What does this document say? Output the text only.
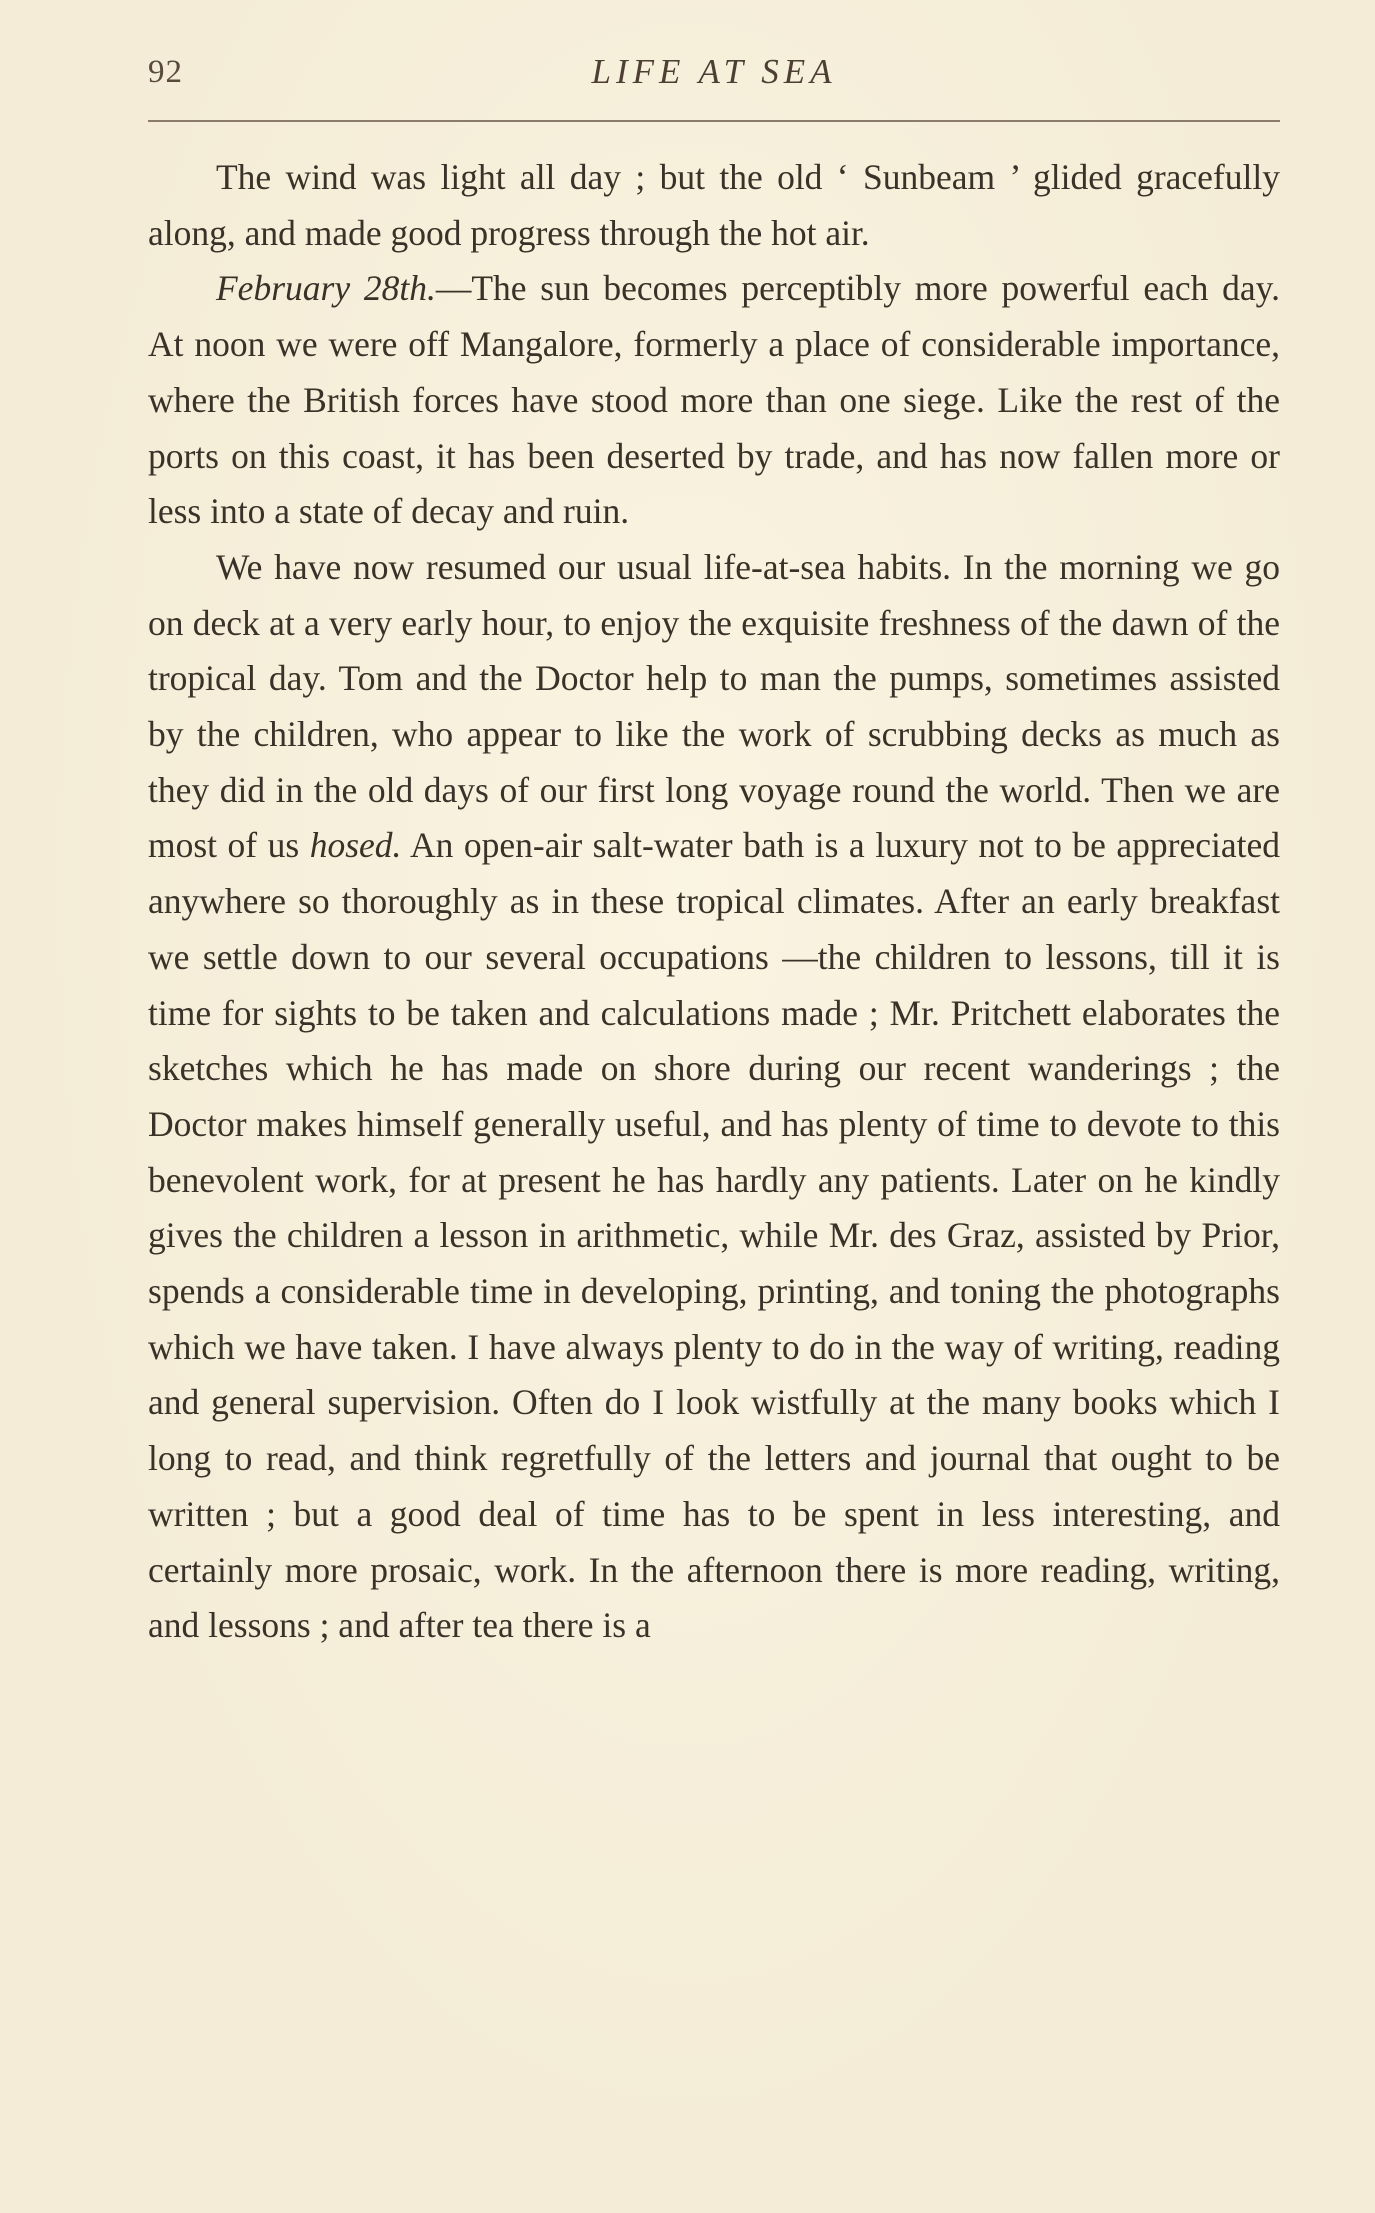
92	LIFE AT SEA

The wind was light all day ; but the old ‘ Sunbeam ’ glided gracefully along, and made good progress through the hot air.

February 28th.—The sun becomes perceptibly more powerful each day. At noon we were off Mangalore, formerly a place of considerable importance, where the British forces have stood more than one siege. Like the rest of the ports on this coast, it has been deserted by trade, and has now fallen more or less into a state of decay and ruin.

We have now resumed our usual life-at-sea habits. In the morning we go on deck at a very early hour, to enjoy the exquisite freshness of the dawn of the tropical day. Tom and the Doctor help to man the pumps, sometimes assisted by the children, who appear to like the work of scrubbing decks as much as they did in the old days of our first long voyage round the world. Then we are most of us hosed. An open-air salt-water bath is a luxury not to be appreciated anywhere so thoroughly as in these tropical climates. After an early breakfast we settle down to our several occupations —the children to lessons, till it is time for sights to be taken and calculations made ; Mr. Pritchett elaborates the sketches which he has made on shore during our recent wanderings ; the Doctor makes himself generally useful, and has plenty of time to devote to this benevolent work, for at present he has hardly any patients. Later on he kindly gives the children a lesson in arithmetic, while Mr. des Graz, assisted by Prior, spends a considerable time in developing, printing, and toning the photographs which we have taken. I have always plenty to do in the way of writing, reading and general supervision. Often do I look wistfully at the many books which I long to read, and think regretfully of the letters and journal that ought to be written ; but a good deal of time has to be spent in less interesting, and certainly more prosaic, work. In the afternoon there is more reading, writing, and lessons ; and after tea there is a
